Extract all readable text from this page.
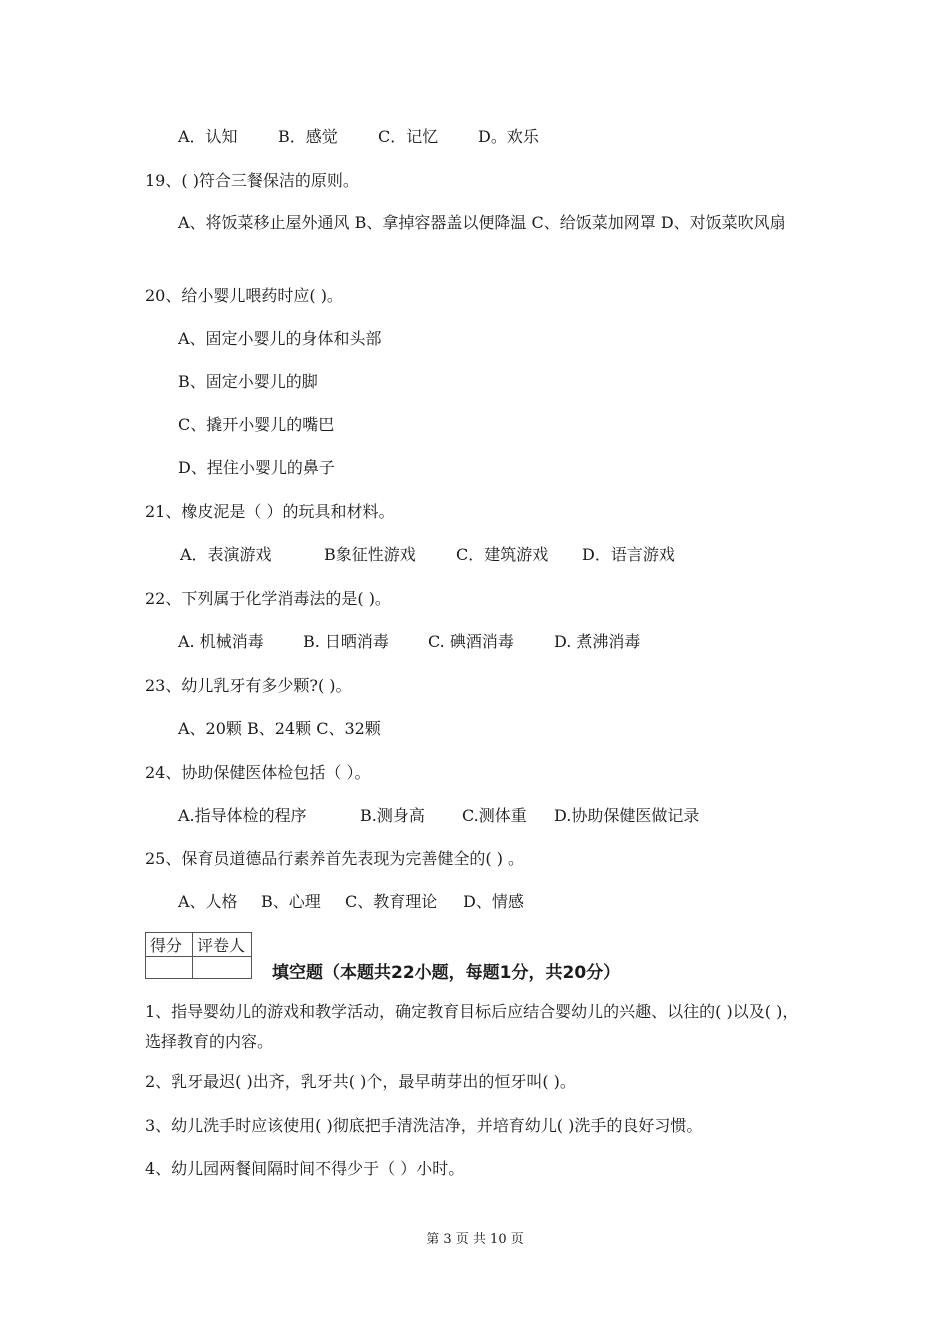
A．认知	B．感觉	C．记忆 D。欢乐
19、( )符合三餐保洁的原则。
A、将饭菜移止屋外通风 B、拿掉容器盖以便降温 C、给饭菜加网罩 D、对饭菜吹风扇
20、给小婴儿喂药时应( )。
A、固定小婴儿的身体和头部
B、固定小婴儿的脚
C、撬开小婴儿的嘴巴
D、捏住小婴儿的鼻子
21、橡皮泥是（ ）的玩具和材料。
A．表演游戏	B象征性游戏	C．建筑游戏 D．语言游戏
22、下列属于化学消毒法的是( )。
A. 机械消毒 B. 日晒消毒 C. 碘酒消毒	D. 煮沸消毒
23、幼儿乳牙有多少颗?( )。
A、20颗 B、24颗 C、32颗
24、协助保健医体检包括（ ）。
A.指导体检的程序	B.测身高 C.测体重 D.协助保健医做记录
25、保育员道德品行素养首先表现为完善健全的( ) 。
A、人格 B、心理 C、教育理论 D、情感
得分	评卷人

填空题（本题共22小题，每题1分，共20分）
1、指导婴幼儿的游戏和教学活动，确定教育目标后应结合婴幼儿的兴趣、以往的( )以及( )，选择教育的内容。
2、乳牙最迟( )出齐，乳牙共( )个，最早萌芽出的恒牙叫( )。
3、幼儿洗手时应该使用( )彻底把手清洗洁净，并培育幼儿( )洗手的良好习惯。
4、幼儿园两餐间隔时间不得少于（ ）小时。
第 3 页 共 10 页
